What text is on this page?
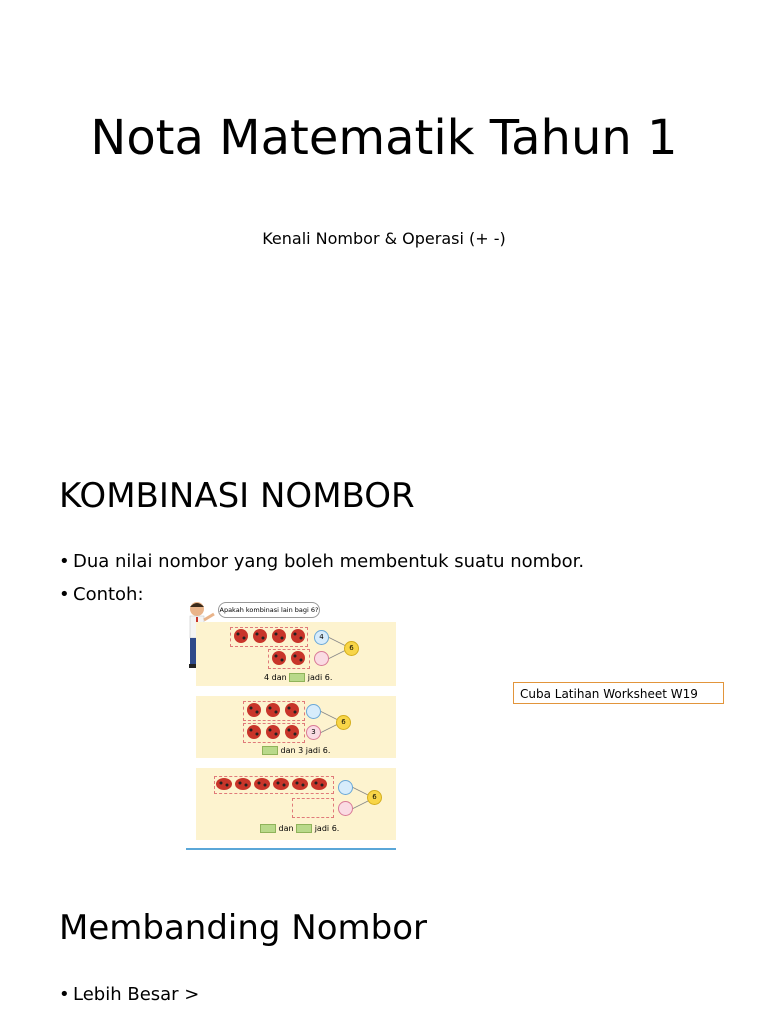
Nota Matematik Tahun 1
Kenali Nombor & Operasi (+ -)
KOMBINASI NOMBOR
• Dua nilai nombor yang boleh membentuk suatu nombor.
• Contoh:
Apakah kombinasi lain bagi 6?
4
6
4 dan	jadi 6.
3
6
dan 3 jadi 6.
6
dan	jadi 6.
Cuba Latihan Worksheet W19
Membanding Nombor
• Lebih Besar >
